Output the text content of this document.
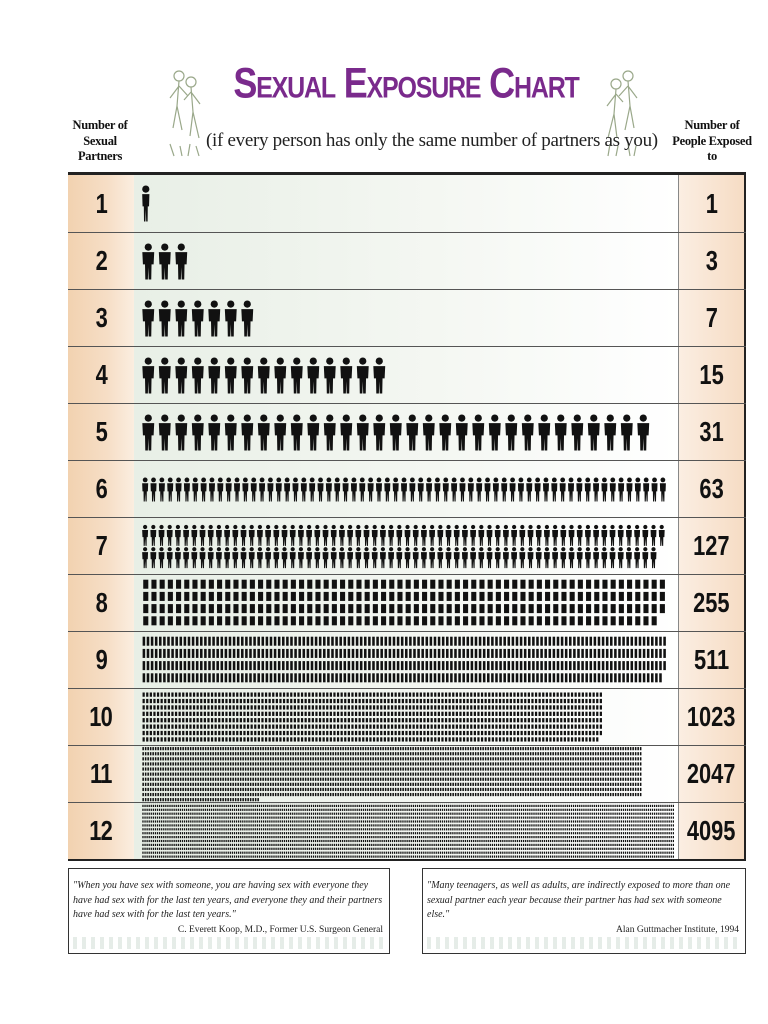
Sexual Exposure Chart
(if every person has only the same number of partners as you)
Number of Sexual Partners
Number of People Exposed to
1	1
2	3
3	7
4	15
5	31
6	63
7	127
8	255
9	511
10	1023
11	2047
12	4095
"When you have sex with someone, you are having sex with everyone they have had sex with for the last ten years, and everyone they and their partners have had sex with for the last ten years."
C. Everett Koop, M.D., Former U.S. Surgeon General
"Many teenagers, as well as adults, are indirectly exposed to more than one sexual partner each year because their partner has had sex with someone else."
Alan Guttmacher Institute, 1994
